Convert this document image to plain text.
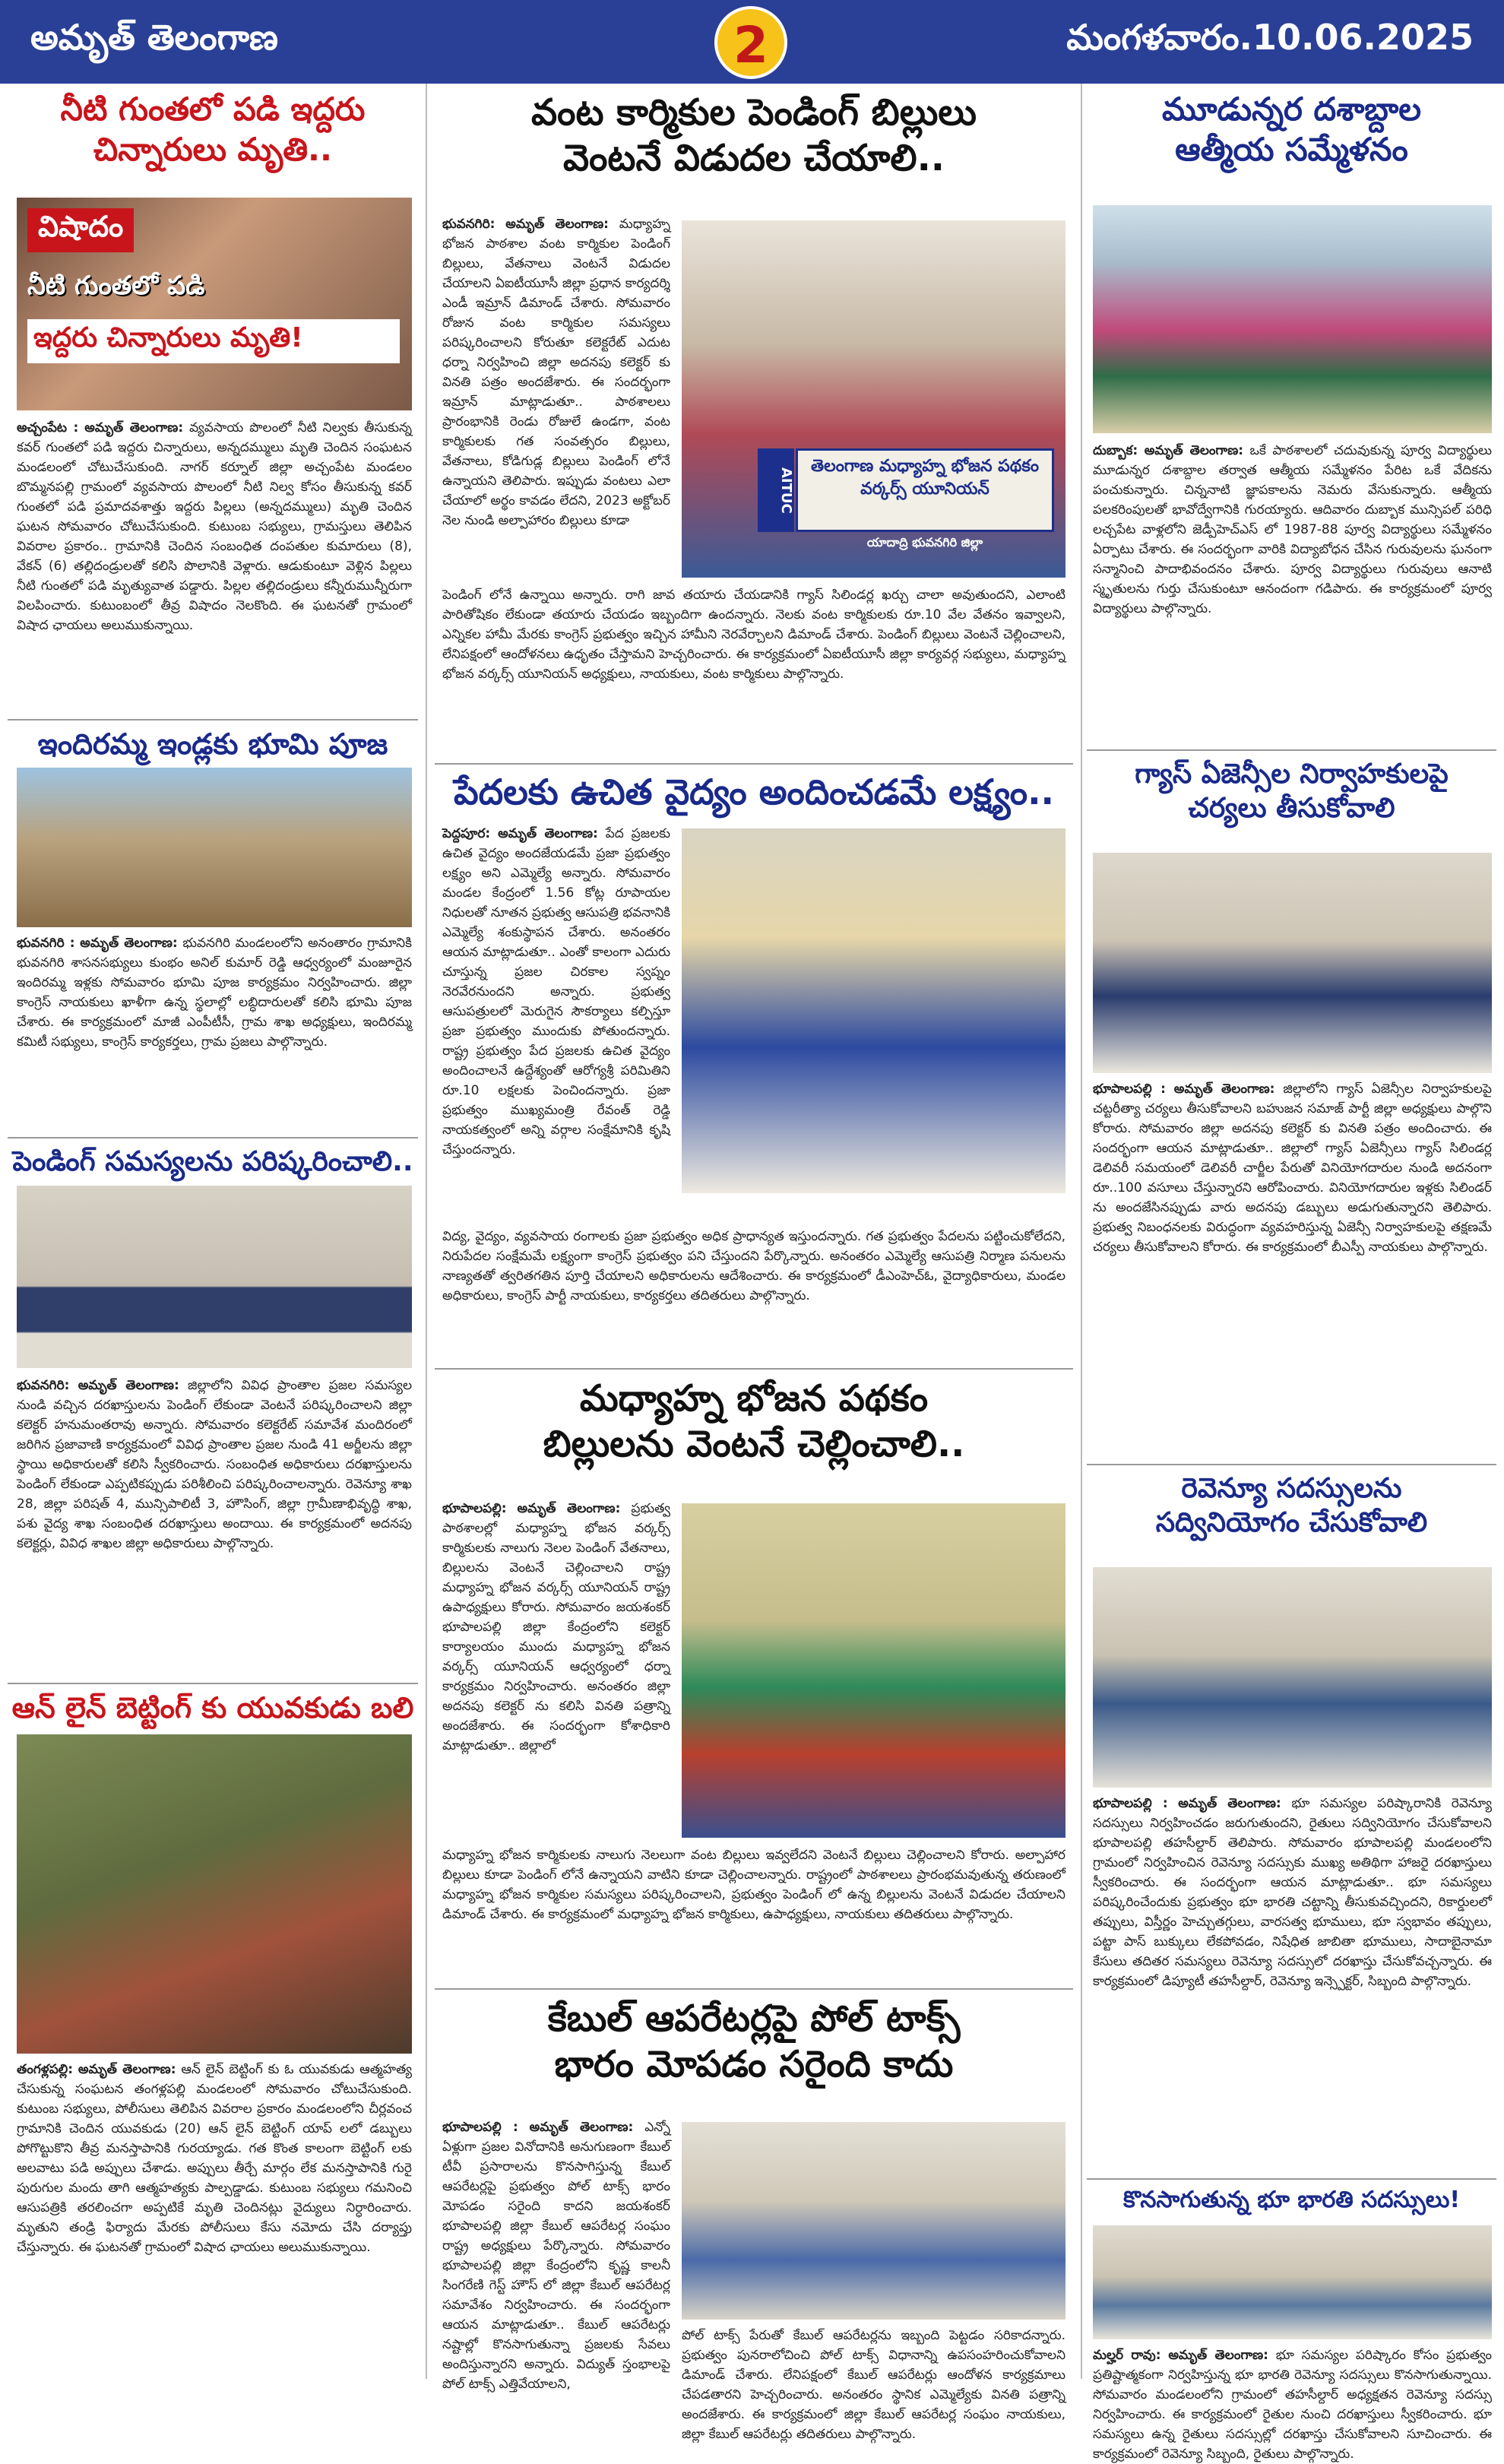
అమృత్ తెలంగాణ	2	మంగళవారం.10.06.2025
నీటి గుంతలో పడి ఇద్దరు
చిన్నారులు మృతి..
విషాదం
నీటి గుంతలో పడి
ఇద్దరు చిన్నారులు మృతి!
అచ్చంపేట : అమృత్ తెలంగాణ: వ్యవసాయ పొలంలో నీటి నిల్వకు తీసుకున్న కవర్ గుంతలో పడి ఇద్దరు చిన్నారులు, అన్నదమ్ములు మృతి చెందిన సంఘటన మండలంలో చోటుచేసుకుంది. నాగర్ కర్నూల్ జిల్లా అచ్చంపేట మండలం బొమ్మనపల్లి గ్రామంలో వ్యవసాయ పొలంలో నీటి నిల్వ కోసం తీసుకున్న కవర్ గుంతలో పడి ప్రమాదవశాత్తు ఇద్దరు పిల్లలు (అన్నదమ్ములు) మృతి చెందిన ఘటన సోమవారం చోటుచేసుకుంది. కుటుంబ సభ్యులు, గ్రామస్తులు తెలిపిన వివరాల ప్రకారం.. గ్రామానికి చెందిన సంబంధిత దంపతుల కుమారులు (8), వేకన్ (6) తల్లిదండ్రులతో కలిసి పొలానికి వెళ్లారు. ఆడుకుంటూ వెళ్లిన పిల్లలు నీటి గుంతలో పడి మృత్యువాత పడ్డారు. పిల్లల తల్లిదండ్రులు కన్నీరుమున్నీరుగా విలపించారు. కుటుంబంలో తీవ్ర విషాదం నెలకొంది. ఈ ఘటనతో గ్రామంలో విషాద ఛాయలు అలుముకున్నాయి.
ఇందిరమ్మ ఇండ్లకు భూమి పూజ
భువనగిరి : అమృత్ తెలంగాణ: భువనగిరి మండలంలోని అనంతారం గ్రామానికి భువనగిరి శాసనసభ్యులు కుంభం అనిల్ కుమార్ రెడ్డి ఆధ్వర్యంలో మంజూరైన ఇందిరమ్మ ఇళ్లకు సోమవారం భూమి పూజ కార్యక్రమం నిర్వహించారు. జిల్లా కాంగ్రెస్ నాయకులు ఖాళీగా ఉన్న స్థలాల్లో లబ్ధిదారులతో కలిసి భూమి పూజ చేశారు. ఈ కార్యక్రమంలో మాజీ ఎంపీటీసీ, గ్రామ శాఖ అధ్యక్షులు, ఇందిరమ్మ కమిటీ సభ్యులు, కాంగ్రెస్ కార్యకర్తలు, గ్రామ ప్రజలు పాల్గొన్నారు.
పెండింగ్ సమస్యలను పరిష్కరించాలి..
భువనగిరి: అమృత్ తెలంగాణ: జిల్లాలోని వివిధ ప్రాంతాల ప్రజల సమస్యల నుండి వచ్చిన దరఖాస్తులను పెండింగ్ లేకుండా వెంటనే పరిష్కరించాలని జిల్లా కలెక్టర్ హనుమంతరావు అన్నారు. సోమవారం కలెక్టరేట్ సమావేశ మందిరంలో జరిగిన ప్రజావాణి కార్యక్రమంలో వివిధ ప్రాంతాల ప్రజల నుండి 41 అర్జీలను జిల్లా స్థాయి అధికారులతో కలిసి స్వీకరించారు. సంబంధిత అధికారులు దరఖాస్తులను పెండింగ్ లేకుండా ఎప్పటికప్పుడు పరిశీలించి పరిష్కరించాలన్నారు. రెవెన్యూ శాఖ 28, జిల్లా పరిషత్ 4, మున్సిపాలిటీ 3, హౌసింగ్, జిల్లా గ్రామీణాభివృద్ధి శాఖ, పశు వైద్య శాఖ సంబంధిత దరఖాస్తులు అందాయి. ఈ కార్యక్రమంలో అదనపు కలెక్టర్లు, వివిధ శాఖల జిల్లా అధికారులు పాల్గొన్నారు.
ఆన్ లైన్ బెట్టింగ్ కు యువకుడు బలి
తంగళ్లపల్లి: అమృత్ తెలంగాణ: ఆన్ లైన్ బెట్టింగ్ కు ఓ యువకుడు ఆత్మహత్య చేసుకున్న సంఘటన తంగళ్లపల్లి మండలంలో సోమవారం చోటుచేసుకుంది. కుటుంబ సభ్యులు, పోలీసులు తెలిపిన వివరాల ప్రకారం మండలంలోని చీర్లవంచ గ్రామానికి చెందిన యువకుడు (20) ఆన్ లైన్ బెట్టింగ్ యాప్ లలో డబ్బులు పోగొట్టుకొని తీవ్ర మనస్తాపానికి గురయ్యాడు. గత కొంత కాలంగా బెట్టింగ్ లకు అలవాటు పడి అప్పులు చేశాడు. అప్పులు తీర్చే మార్గం లేక మనస్తాపానికి గురై పురుగుల మందు తాగి ఆత్మహత్యకు పాల్పడ్డాడు. కుటుంబ సభ్యులు గమనించి ఆసుపత్రికి తరలించగా అప్పటికే మృతి చెందినట్లు వైద్యులు నిర్ధారించారు. మృతుని తండ్రి ఫిర్యాదు మేరకు పోలీసులు కేసు నమోదు చేసి దర్యాప్తు చేస్తున్నారు. ఈ ఘటనతో గ్రామంలో విషాద ఛాయలు అలుముకున్నాయి.
వంట కార్మికుల పెండింగ్ బిల్లులు
వెంటనే విడుదల చేయాలి..
భువనగిరి: అమృత్ తెలంగాణ: మధ్యాహ్న భోజన పాఠశాల వంట కార్మికుల పెండింగ్ బిల్లులు, వేతనాలు వెంటనే విడుదల చేయాలని ఏఐటీయూసీ జిల్లా ప్రధాన కార్యదర్శి ఎండీ ఇమ్రాన్ డిమాండ్ చేశారు. సోమవారం రోజున వంట కార్మికుల సమస్యలు పరిష్కరించాలని కోరుతూ కలెక్టరేట్ ఎదుట ధర్నా నిర్వహించి జిల్లా అదనపు కలెక్టర్ కు వినతి పత్రం అందజేశారు. ఈ సందర్భంగా ఇమ్రాన్ మాట్లాడుతూ.. పాఠశాలలు ప్రారంభానికి రెండు రోజులే ఉండగా, వంట కార్మికులకు గత సంవత్సరం బిల్లులు, వేతనాలు, కోడిగుడ్ల బిల్లులు పెండింగ్ లోనే ఉన్నాయని తెలిపారు. ఇప్పుడు వంటలు ఎలా చేయాలో అర్థం కావడం లేదని, 2023 అక్టోబర్ నెల నుండి అల్పాహారం బిల్లులు కూడా
తెలంగాణ మధ్యాహ్న భోజన పథకం వర్కర్స్ యూనియన్
AITUC
యాదాద్రి భువనగిరి జిల్లా
పెండింగ్ లోనే ఉన్నాయి అన్నారు. రాగి జావ తయారు చేయడానికి గ్యాస్ సిలిండర్ల ఖర్చు చాలా అవుతుందని, ఎలాంటి పారితోషికం లేకుండా తయారు చేయడం ఇబ్బందిగా ఉందన్నారు. నెలకు వంట కార్మికులకు రూ.10 వేల వేతనం ఇవ్వాలని, ఎన్నికల హామీ మేరకు కాంగ్రెస్ ప్రభుత్వం ఇచ్చిన హామీని నెరవేర్చాలని డిమాండ్ చేశారు. పెండింగ్ బిల్లులు వెంటనే చెల్లించాలని, లేనిపక్షంలో ఆందోళనలు ఉధృతం చేస్తామని హెచ్చరించారు. ఈ కార్యక్రమంలో ఏఐటీయూసీ జిల్లా కార్యవర్గ సభ్యులు, మధ్యాహ్న భోజన వర్కర్స్ యూనియన్ అధ్యక్షులు, నాయకులు, వంట కార్మికులు పాల్గొన్నారు.
పేదలకు ఉచిత వైద్యం అందించడమే లక్ష్యం..
పెద్దపూర: అమృత్ తెలంగాణ: పేద ప్రజలకు ఉచిత వైద్యం అందజేయడమే ప్రజా ప్రభుత్వం లక్ష్యం అని ఎమ్మెల్యే అన్నారు. సోమవారం మండల కేంద్రంలో 1.56 కోట్ల రూపాయల నిధులతో నూతన ప్రభుత్వ ఆసుపత్రి భవనానికి ఎమ్మెల్యే శంకుస్థాపన చేశారు. అనంతరం ఆయన మాట్లాడుతూ.. ఎంతో కాలంగా ఎదురు చూస్తున్న ప్రజల చిరకాల స్వప్నం నెరవేరనుందని అన్నారు. ప్రభుత్వ ఆసుపత్రులలో మెరుగైన సౌకర్యాలు కల్పిస్తూ ప్రజా ప్రభుత్వం ముందుకు పోతుందన్నారు. రాష్ట్ర ప్రభుత్వం పేద ప్రజలకు ఉచిత వైద్యం అందించాలనే ఉద్దేశ్యంతో ఆరోగ్యశ్రీ పరిమితిని రూ.10 లక్షలకు పెంచిందన్నారు. ప్రజా ప్రభుత్వం ముఖ్యమంత్రి రేవంత్ రెడ్డి నాయకత్వంలో అన్ని వర్గాల సంక్షేమానికి కృషి చేస్తుందన్నారు.
విద్య, వైద్యం, వ్యవసాయ రంగాలకు ప్రజా ప్రభుత్వం అధిక ప్రాధాన్యత ఇస్తుందన్నారు. గత ప్రభుత్వం పేదలను పట్టించుకోలేదని, నిరుపేదల సంక్షేమమే లక్ష్యంగా కాంగ్రెస్ ప్రభుత్వం పని చేస్తుందని పేర్కొన్నారు. అనంతరం ఎమ్మెల్యే ఆసుపత్రి నిర్మాణ పనులను నాణ్యతతో త్వరితగతిన పూర్తి చేయాలని అధికారులను ఆదేశించారు. ఈ కార్యక్రమంలో డీఎంహెచ్ఓ, వైద్యాధికారులు, మండల అధికారులు, కాంగ్రెస్ పార్టీ నాయకులు, కార్యకర్తలు తదితరులు పాల్గొన్నారు.
మధ్యాహ్న భోజన పథకం
బిల్లులను వెంటనే చెల్లించాలి..
భూపాలపల్లి: అమృత్ తెలంగాణ: ప్రభుత్వ పాఠశాలల్లో మధ్యాహ్న భోజన వర్కర్స్ కార్మికులకు నాలుగు నెలల పెండింగ్ వేతనాలు, బిల్లులను వెంటనే చెల్లించాలని రాష్ట్ర మధ్యాహ్న భోజన వర్కర్స్ యూనియన్ రాష్ట్ర ఉపాధ్యక్షులు కోరారు. సోమవారం జయశంకర్ భూపాలపల్లి జిల్లా కేంద్రంలోని కలెక్టర్ కార్యాలయం ముందు మధ్యాహ్న భోజన వర్కర్స్ యూనియన్ ఆధ్వర్యంలో ధర్నా కార్యక్రమం నిర్వహించారు. అనంతరం జిల్లా అదనపు కలెక్టర్ ను కలిసి వినతి పత్రాన్ని అందజేశారు. ఈ సందర్భంగా కోశాధికారి మాట్లాడుతూ.. జిల్లాలో
మధ్యాహ్న భోజన కార్మికులకు నాలుగు నెలలుగా వంట బిల్లులు ఇవ్వలేదని వెంటనే బిల్లులు చెల్లించాలని కోరారు. అల్పాహార బిల్లులు కూడా పెండింగ్ లోనే ఉన్నాయని వాటిని కూడా చెల్లించాలన్నారు. రాష్ట్రంలో పాఠశాలలు ప్రారంభమవుతున్న తరుణంలో మధ్యాహ్న భోజన కార్మికుల సమస్యలు పరిష్కరించాలని, ప్రభుత్వం పెండింగ్ లో ఉన్న బిల్లులను వెంటనే విడుదల చేయాలని డిమాండ్ చేశారు. ఈ కార్యక్రమంలో మధ్యాహ్న భోజన కార్మికులు, ఉపాధ్యక్షులు, నాయకులు తదితరులు పాల్గొన్నారు.
కేబుల్ ఆపరేటర్లపై పోల్ టాక్స్
భారం మోపడం సరైంది కాదు
భూపాలపల్లి : అమృత్ తెలంగాణ: ఎన్నో ఏళ్లుగా ప్రజల వినోదానికి అనుగుణంగా కేబుల్ టీవీ ప్రసారాలను కొనసాగిస్తున్న కేబుల్ ఆపరేటర్లపై ప్రభుత్వం పోల్ టాక్స్ భారం మోపడం సరైంది కాదని జయశంకర్ భూపాలపల్లి జిల్లా కేబుల్ ఆపరేటర్ల సంఘం రాష్ట్ర అధ్యక్షులు పేర్కొన్నారు. సోమవారం భూపాలపల్లి జిల్లా కేంద్రంలోని కృష్ణ కాలనీ సింగరేణి గెస్ట్ హౌస్ లో జిల్లా కేబుల్ ఆపరేటర్ల సమావేశం నిర్వహించారు. ఈ సందర్భంగా ఆయన మాట్లాడుతూ.. కేబుల్ ఆపరేటర్లు నష్టాల్లో కొనసాగుతున్నా ప్రజలకు సేవలు అందిస్తున్నారని అన్నారు. విద్యుత్ స్తంభాలపై పోల్ టాక్స్ ఎత్తివేయాలని,
పోల్ టాక్స్ పేరుతో కేబుల్ ఆపరేటర్లను ఇబ్బంది పెట్టడం సరికాదన్నారు. ప్రభుత్వం పునరాలోచించి పోల్ టాక్స్ విధానాన్ని ఉపసంహరించుకోవాలని డిమాండ్ చేశారు. లేనిపక్షంలో కేబుల్ ఆపరేటర్లు ఆందోళన కార్యక్రమాలు చేపడతారని హెచ్చరించారు. అనంతరం స్థానిక ఎమ్మెల్యేకు వినతి పత్రాన్ని అందజేశారు. ఈ కార్యక్రమంలో జిల్లా కేబుల్ ఆపరేటర్ల సంఘం నాయకులు, జిల్లా కేబుల్ ఆపరేటర్లు తదితరులు పాల్గొన్నారు.
మూడున్నర దశాబ్దాల
ఆత్మీయ సమ్మేళనం
దుబ్బాక: అమృత్ తెలంగాణ: ఒకే పాఠశాలలో చదువుకున్న పూర్వ విద్యార్థులు మూడున్నర దశాబ్దాల తర్వాత ఆత్మీయ సమ్మేళనం పేరిట ఒకే వేదికను పంచుకున్నారు. చిన్ననాటి జ్ఞాపకాలను నెమరు వేసుకున్నారు. ఆత్మీయ పలకరింపులతో భావోద్వేగానికి గురయ్యారు. ఆదివారం దుబ్బాక మున్సిపల్ పరిధి లచ్చపేట వాళ్లలోని జెడ్పీహెచ్ఎస్ లో 1987-88 పూర్వ విద్యార్థులు సమ్మేళనం ఏర్పాటు చేశారు. ఈ సందర్భంగా వారికి విద్యాబోధన చేసిన గురువులను ఘనంగా సన్మానించి పాదాభివందనం చేశారు. పూర్వ విద్యార్థులు గురువులు ఆనాటి స్మృతులను గుర్తు చేసుకుంటూ ఆనందంగా గడిపారు. ఈ కార్యక్రమంలో పూర్వ విద్యార్థులు పాల్గొన్నారు.
గ్యాస్ ఏజెన్సీల నిర్వాహకులపై
చర్యలు తీసుకోవాలి
భూపాలపల్లి : అమృత్ తెలంగాణ: జిల్లాలోని గ్యాస్ ఏజెన్సీల నిర్వాహకులపై చట్టరీత్యా చర్యలు తీసుకోవాలని బహుజన సమాజ్ పార్టీ జిల్లా అధ్యక్షులు పాల్గొని కోరారు. సోమవారం జిల్లా అదనపు కలెక్టర్ కు వినతి పత్రం అందించారు. ఈ సందర్భంగా ఆయన మాట్లాడుతూ.. జిల్లాలో గ్యాస్ ఏజెన్సీలు గ్యాస్ సిలిండర్ల డెలివరీ సమయంలో డెలివరీ చార్జీల పేరుతో వినియోగదారుల నుండి అదనంగా రూ..100 వసూలు చేస్తున్నారని ఆరోపించారు. వినియోగదారుల ఇళ్లకు సిలిండర్ ను అందజేసినప్పుడు వారు అదనపు డబ్బులు అడుగుతున్నారని తెలిపారు. ప్రభుత్వ నిబంధనలకు విరుద్ధంగా వ్యవహరిస్తున్న ఏజెన్సీ నిర్వాహకులపై తక్షణమే చర్యలు తీసుకోవాలని కోరారు. ఈ కార్యక్రమంలో బీఎస్పీ నాయకులు పాల్గొన్నారు.
రెవెన్యూ సదస్సులను
సద్వినియోగం చేసుకోవాలి
భూపాలపల్లి : అమృత్ తెలంగాణ: భూ సమస్యల పరిష్కారానికి రెవెన్యూ సదస్సులు నిర్వహించడం జరుగుతుందని, రైతులు సద్వినియోగం చేసుకోవాలని భూపాలపల్లి తహసీల్దార్ తెలిపారు. సోమవారం భూపాలపల్లి మండలంలోని గ్రామంలో నిర్వహించిన రెవెన్యూ సదస్సుకు ముఖ్య అతిథిగా హాజరై దరఖాస్తులు స్వీకరించారు. ఈ సందర్భంగా ఆయన మాట్లాడుతూ.. భూ సమస్యలు పరిష్కరించేందుకు ప్రభుత్వం భూ భారతి చట్టాన్ని తీసుకువచ్చిందని, రికార్డులలో తప్పులు, విస్తీర్ణం హెచ్చుతగ్గులు, వారసత్వ భూములు, భూ స్వభావం తప్పులు, పట్టా పాస్ బుక్కులు లేకపోవడం, నిషేధిత జాబితా భూములు, సాదాబైనామా కేసులు తదితర సమస్యలు రెవెన్యూ సదస్సులో దరఖాస్తు చేసుకోవచ్చన్నారు. ఈ కార్యక్రమంలో డిప్యూటీ తహసీల్దార్, రెవెన్యూ ఇన్స్పెక్టర్, సిబ్బంది పాల్గొన్నారు.
కొనసాగుతున్న భూ భారతి సదస్సులు!
మల్హర్ రావు: అమృత్ తెలంగాణ: భూ సమస్యల పరిష్కారం కోసం ప్రభుత్వం ప్రతిష్టాత్మకంగా నిర్వహిస్తున్న భూ భారతి రెవెన్యూ సదస్సులు కొనసాగుతున్నాయి. సోమవారం మండలంలోని గ్రామంలో తహసీల్దార్ అధ్యక్షతన రెవెన్యూ సదస్సు నిర్వహించారు. ఈ కార్యక్రమంలో రైతుల నుంచి దరఖాస్తులు స్వీకరించారు. భూ సమస్యలు ఉన్న రైతులు సదస్సుల్లో దరఖాస్తు చేసుకోవాలని సూచించారు. ఈ కార్యక్రమంలో రెవెన్యూ సిబ్బంది, రైతులు పాల్గొన్నారు.
